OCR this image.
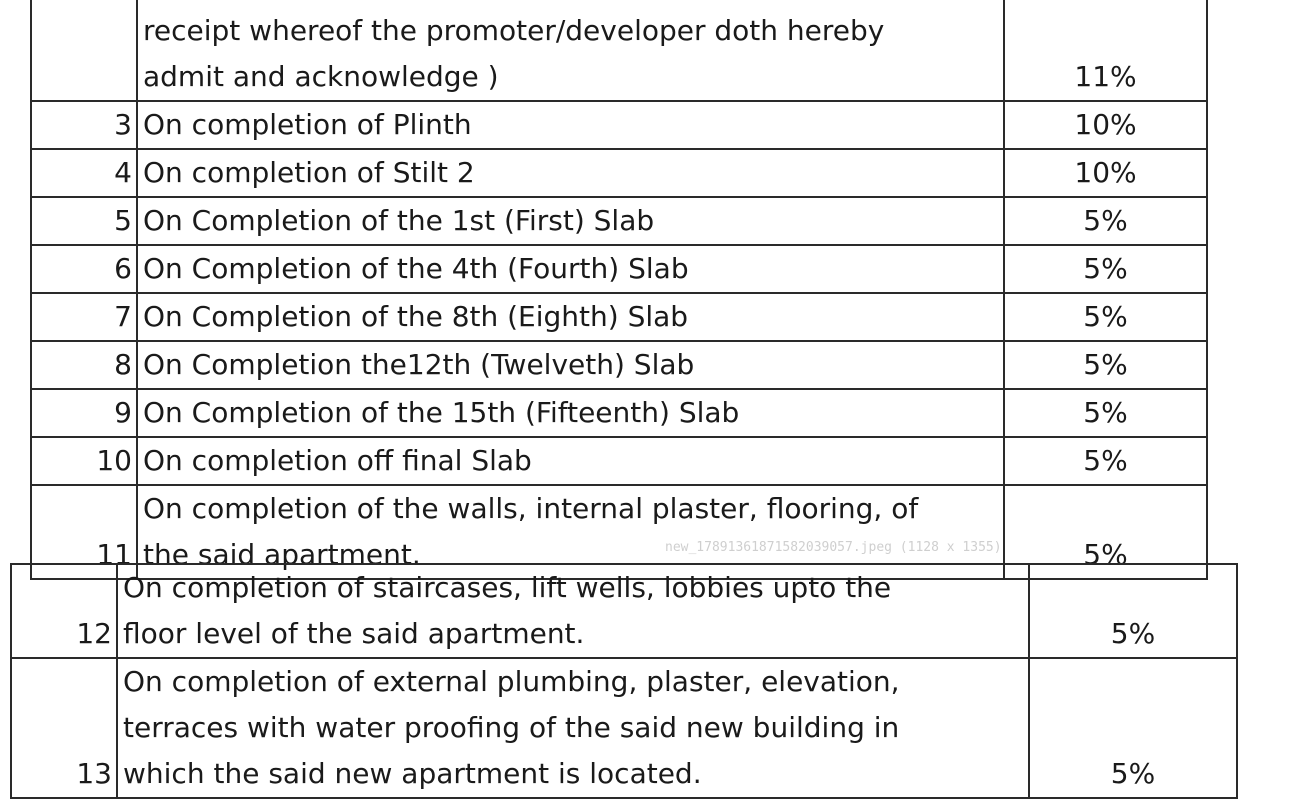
	receipt whereof the promoter/developer doth hereby
admit and acknowledge )	11%
3	On completion of Plinth	10%
4	On completion of Stilt 2	10%
5	On Completion of the 1st (First) Slab	5%
6	On Completion of the 4th (Fourth) Slab	5%
7	On Completion of the 8th (Eighth) Slab	5%
8	On Completion the12th (Twelveth) Slab	5%
9	On Completion of the 15th (Fifteenth) Slab	5%
10	On completion off final Slab	5%
11	On completion of the walls, internal plaster, flooring, of
the said apartment.	5%
12	On completion of staircases, lift wells, lobbies upto the
floor level of the said apartment.	5%
13	On completion of external plumbing, plaster, elevation,
terraces with water proofing of the said new building in
which the said new apartment is located.	5%
new_17891361871582039057.jpeg (1128 x 1355)
